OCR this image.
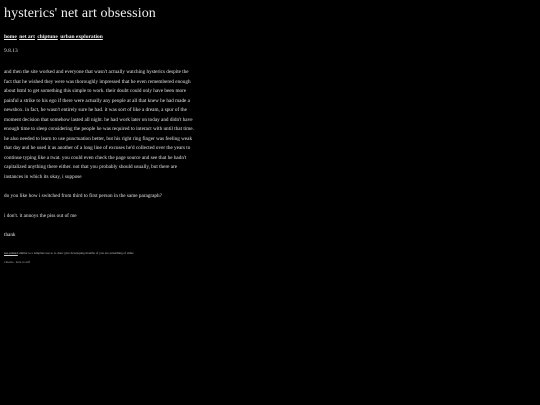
hysterics' net art obsession
home net art chiptune urban exploration
9.8.13

and then the site worked and everyone that wasn't actually watching hysterics despite the fact that he wished they were was thoroughly impressed that he even remembered enough about html to get something this simple to work. their doubt could only have been more painful a strike to his ego if there were actually any people at all that knew he had made a newsbox. in fact, he wasn't entirely sure he had. it was sort of like a dream, a spur of the moment decision that somehow lasted all night. he had work later on today and didn't have enough time to sleep considering the people he was required to interact with until that time. he also needed to learn to use punctuation better, but his right ring finger was feeling weak that day and he used it as another of a long line of excuses he'd collected over the years to continue typing like a twat. you could even check the page source and see that he hadn't capitalized anything there either. not that you probably should usually, but there are instances in which its okay, i suppose

do you like how i switched from third to first person in the same paragraph?

i don't. it annoys the piss out of me

thank

see-related similar to a template use to to draw give developing months of you are something of shine
i mean... note to self
